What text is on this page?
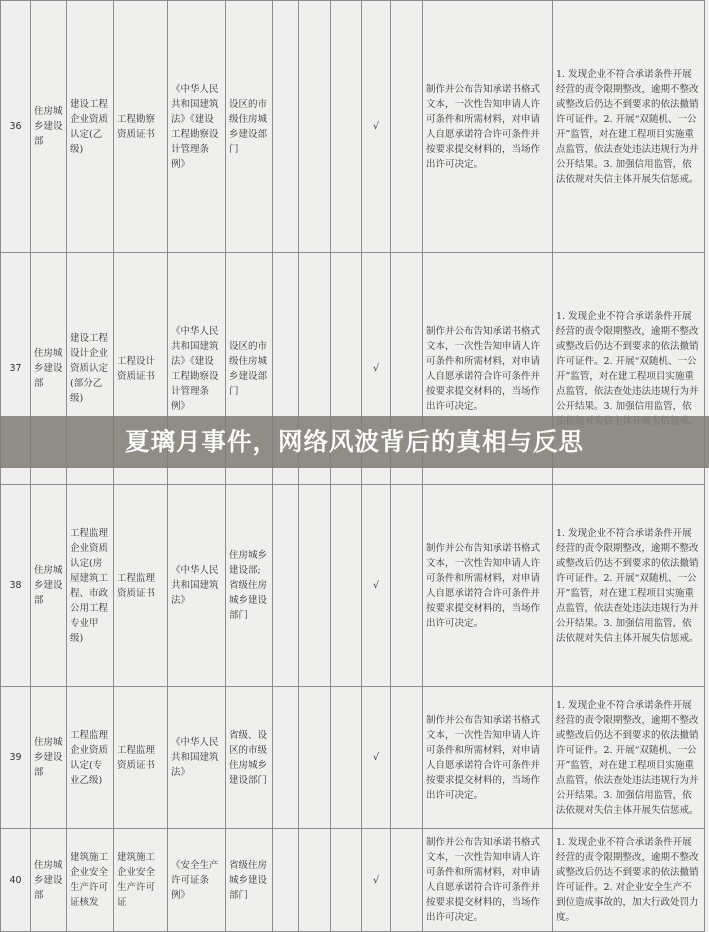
36	住房城乡建设部	建设工程企业资质认定(乙级)	工程勘察资质证书	《中华人民共和国建筑法》《建设工程勘察设计管理条例》	设区的市级住房城乡建设部门				√		制作并公布告知承诺书格式文本，一次性告知申请人许可条件和所需材料，对申请人自愿承诺符合许可条件并按要求提交材料的，当场作出许可决定。	1. 发现企业不符合承诺条件开展经营的责令限期整改，逾期不整改或整改后仍达不到要求的依法撤销许可证件。2. 开展“双随机、一公开”监管，对在建工程项目实施重点监管，依法查处违法违规行为并公开结果。3. 加强信用监管，依法依规对失信主体开展失信惩戒。
37	住房城乡建设部	建设工程设计企业资质认定(部分乙级)	工程设计资质证书	《中华人民共和国建筑法》《建设工程勘察设计管理条例》	设区的市级住房城乡建设部门				√		制作并公布告知承诺书格式文本，一次性告知申请人许可条件和所需材料，对申请人自愿承诺符合许可条件并按要求提交材料的，当场作出许可决定。	1. 发现企业不符合承诺条件开展经营的责令限期整改，逾期不整改或整改后仍达不到要求的依法撤销许可证件。2. 开展“双随机、一公开”监管，对在建工程项目实施重点监管，依法查处违法违规行为并公开结果。3. 加强信用监管，依
38	住房城乡建设部	工程监理企业资质认定(房屋建筑工程、市政公用工程专业甲级)	工程监理资质证书	《中华人民共和国建筑法》	住房城乡建设部;省级住房城乡建设部门				√		制作并公布告知承诺书格式文本，一次性告知申请人许可条件和所需材料，对申请人自愿承诺符合许可条件并按要求提交材料的，当场作出许可决定。	1. 发现企业不符合承诺条件开展经营的责令限期整改，逾期不整改或整改后仍达不到要求的依法撤销许可证件。2. 开展“双随机、一公开”监管，对在建工程项目实施重点监管，依法查处违法违规行为并公开结果。3. 加强信用监管，依法依规对失信主体开展失信惩戒。
39	住房城乡建设部	工程监理企业资质认定(专业乙级)	工程监理资质证书	《中华人民共和国建筑法》	省级、设区的市级住房城乡建设部门				√		制作并公布告知承诺书格式文本，一次性告知申请人许可条件和所需材料，对申请人自愿承诺符合许可条件并按要求提交材料的，当场作出许可决定。	1. 发现企业不符合承诺条件开展经营的责令限期整改，逾期不整改或整改后仍达不到要求的依法撤销许可证件。2. 开展“双随机、一公开”监管，对在建工程项目实施重点监管，依法查处违法违规行为并公开结果。3. 加强信用监管，依法依规对失信主体开展失信惩戒。
40	住房城乡建设部	建筑施工企业安全生产许可证核发	建筑施工企业安全生产许可证	《安全生产许可证条例》	省级住房城乡建设部门				√		制作并公布告知承诺书格式文本，一次性告知申请人许可条件和所需材料，对申请人自愿承诺符合许可条件并按要求提交材料的，当场作出许可决定。	1. 发现企业不符合承诺条件开展经营的责令限期整改，逾期不整改或整改后仍达不到要求的依法撤销许可证件。2. 对企业安全生产不到位造成事故的，加大行政处罚力度。
夏璃月事件，网络风波背后的真相与反思
